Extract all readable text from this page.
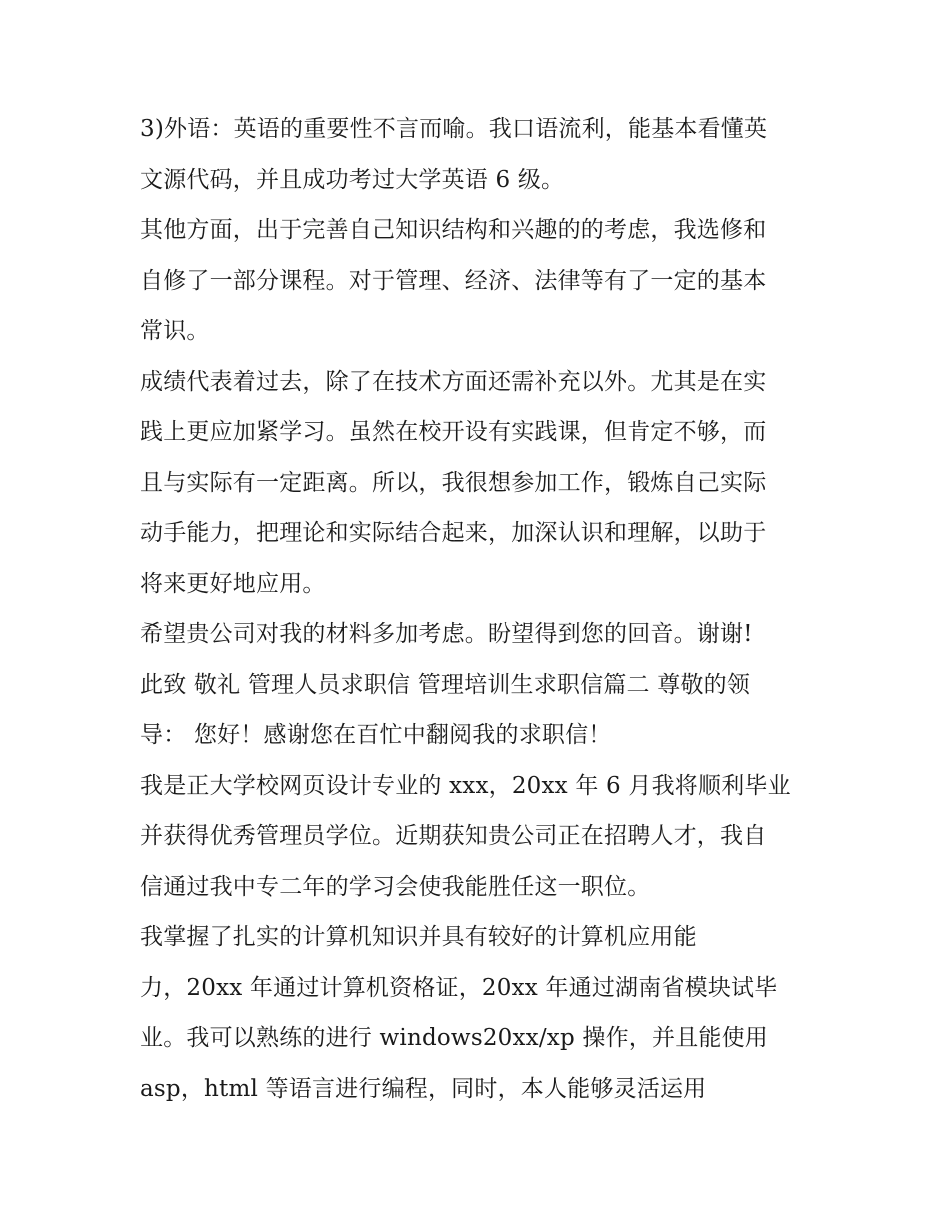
3)外语：英语的重要性不言而喻。我口语流利，能基本看懂英
文源代码，并且成功考过大学英语 6 级。
其他方面，出于完善自己知识结构和兴趣的的考虑，我选修和
自修了一部分课程。对于管理、经济、法律等有了一定的基本
常识。
成绩代表着过去，除了在技术方面还需补充以外。尤其是在实
践上更应加紧学习。虽然在校开设有实践课，但肯定不够，而
且与实际有一定距离。所以，我很想参加工作，锻炼自己实际
动手能力，把理论和实际结合起来，加深认识和理解，以助于
将来更好地应用。
希望贵公司对我的材料多加考虑。盼望得到您的回音。谢谢!
此致 敬礼 管理人员求职信 管理培训生求职信篇二 尊敬的领
导： 您好！感谢您在百忙中翻阅我的求职信！
我是正大学校网页设计专业的 xxx，20xx 年 6 月我将顺利毕业
并获得优秀管理员学位。近期获知贵公司正在招聘人才，我自
信通过我中专二年的学习会使我能胜任这一职位。
我掌握了扎实的计算机知识并具有较好的计算机应用能
力，20xx 年通过计算机资格证，20xx 年通过湖南省模块试毕
业。我可以熟练的进行 windows20xx/xp 操作，并且能使用
asp，html 等语言进行编程，同时，本人能够灵活运用
